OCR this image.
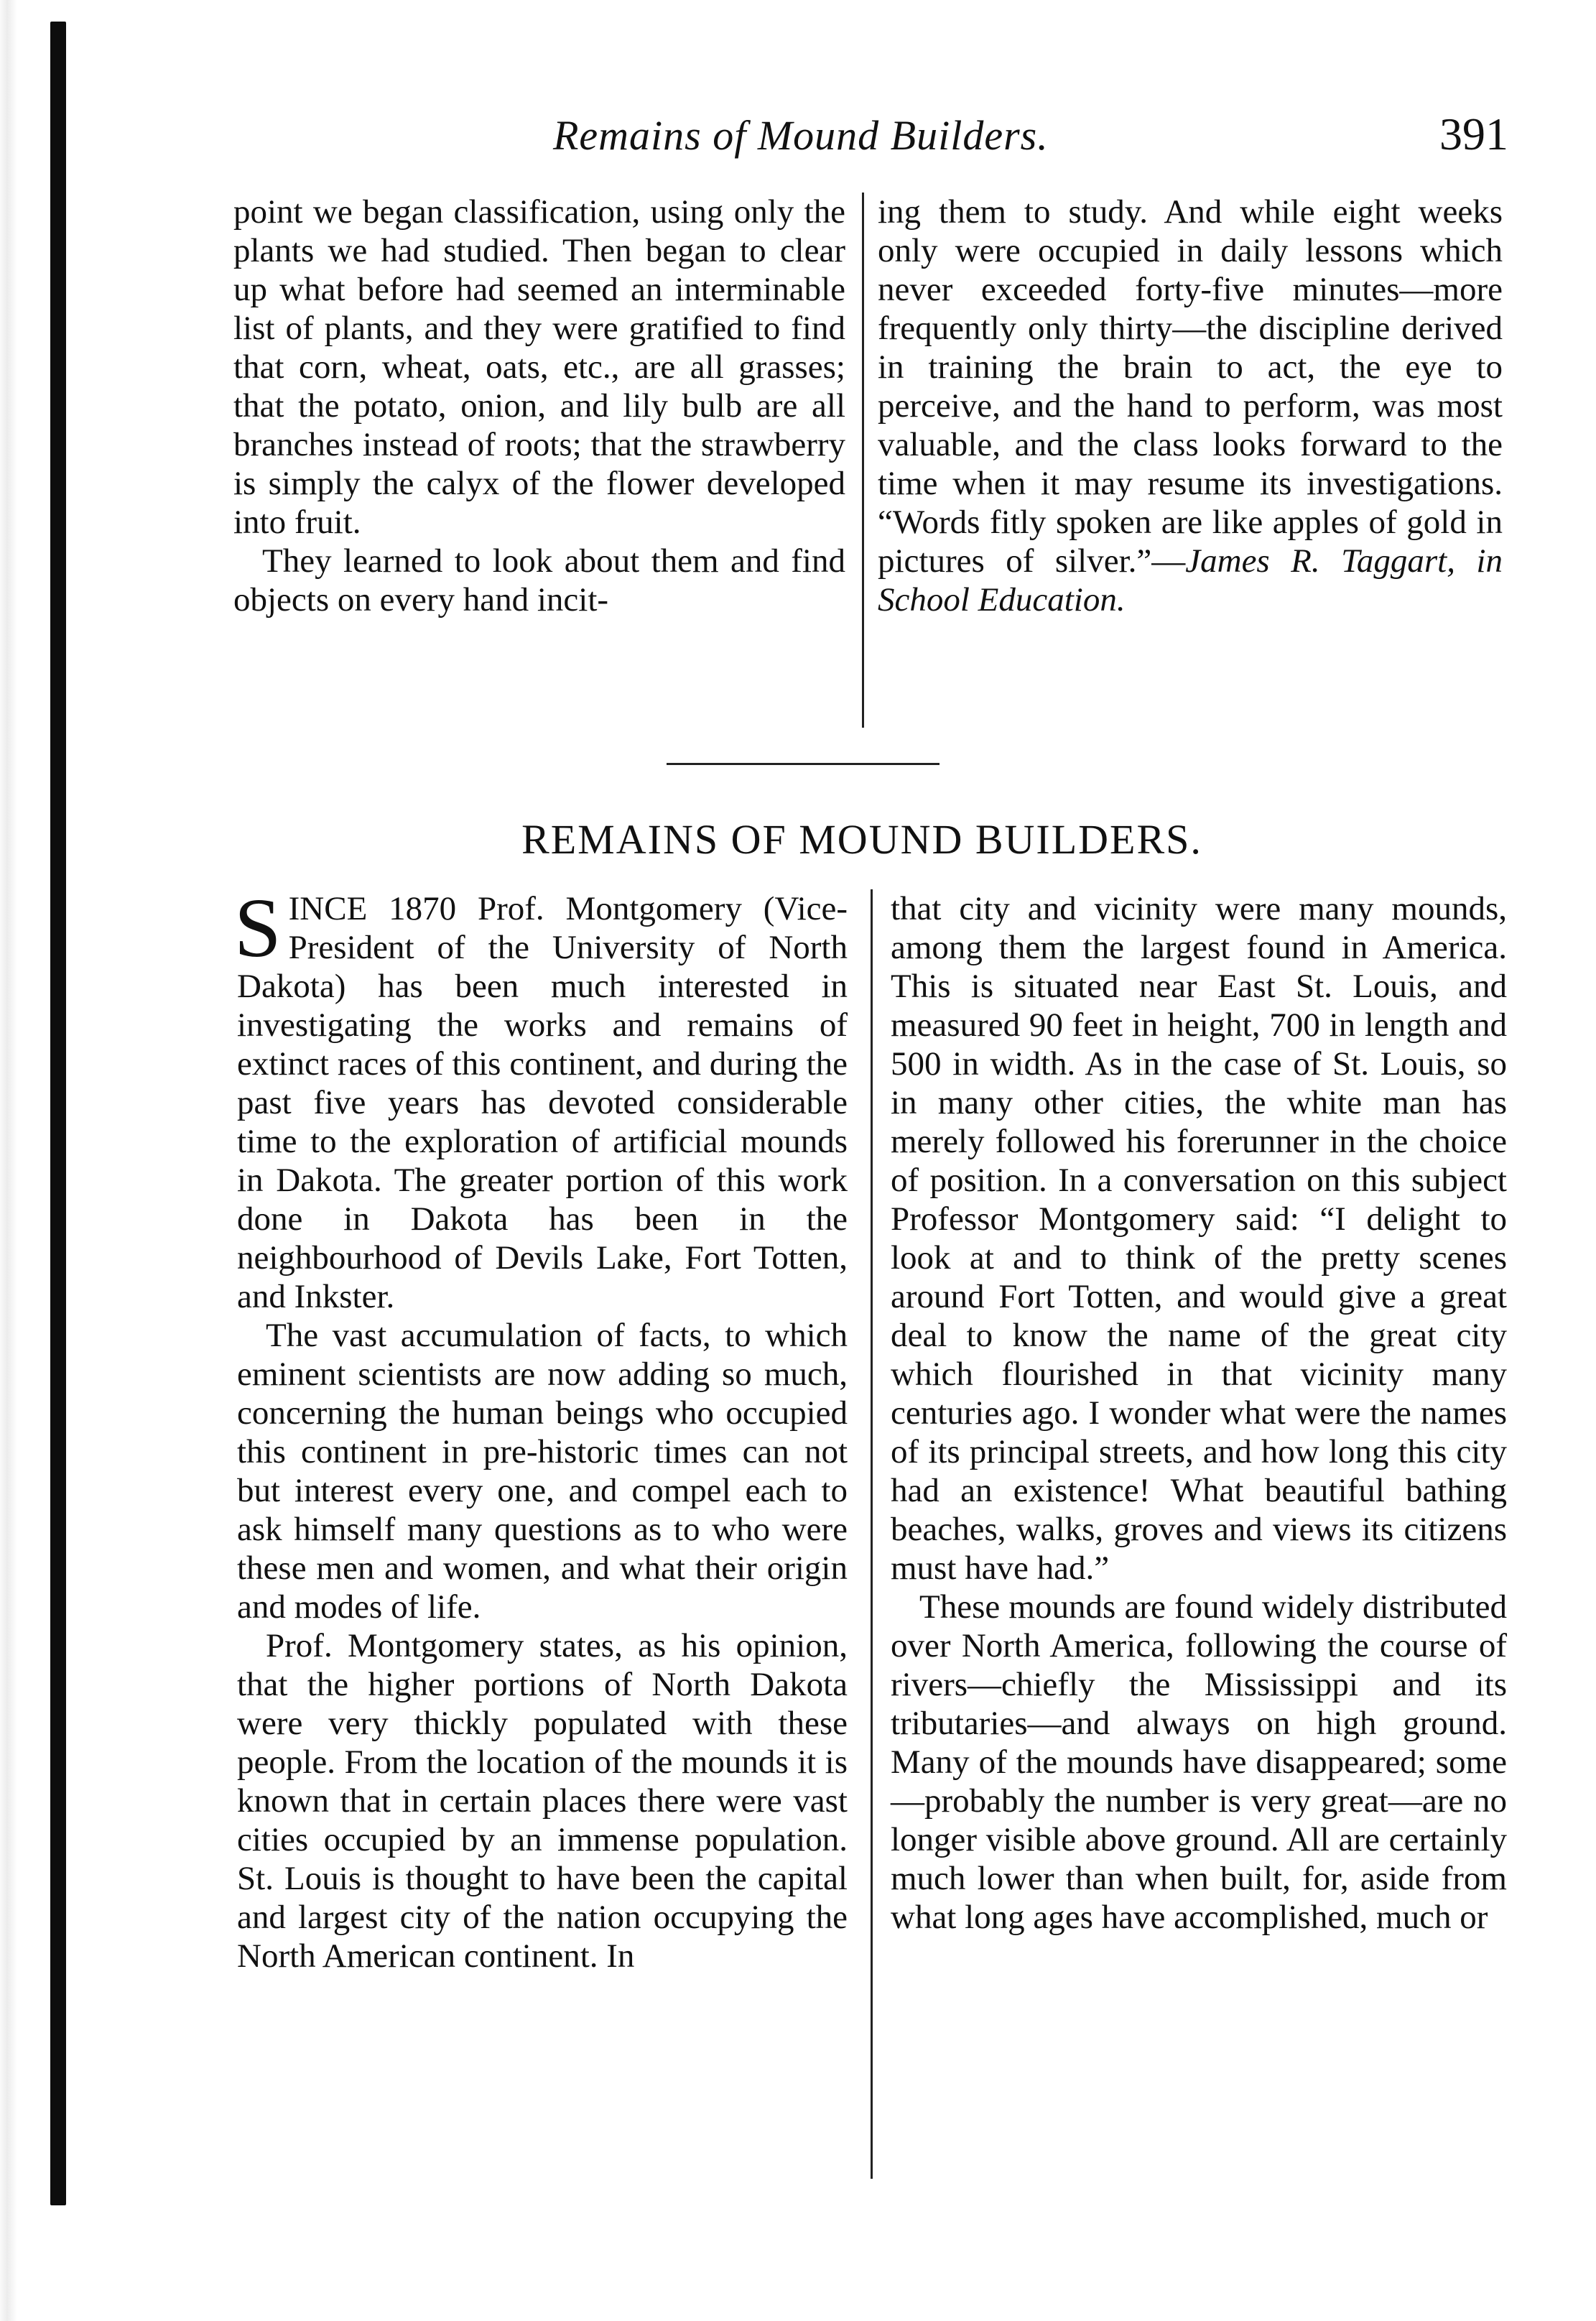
Remains of Mound Builders.	391

point we began classification, using only the plants we had studied. Then began to clear up what before had seemed an interminable list of plants, and they were gratified to find that corn, wheat, oats, etc., are all grasses; that the potato, onion, and lily bulb are all branches instead of roots; that the strawberry is simply the calyx of the flower developed into fruit.

They learned to look about them and find objects on every hand incit-

ing them to study. And while eight weeks only were occupied in daily lessons which never exceeded forty-five minutes—more frequently only thirty—the discipline derived in training the brain to act, the eye to perceive, and the hand to perform, was most valuable, and the class looks forward to the time when it may resume its investigations. “Words fitly spoken are like apples of gold in pictures of silver.”—James R. Taggart, in School Education.

REMAINS OF MOUND BUILDERS.

SINCE 1870 Prof. Montgomery (Vice-President of the University of North Dakota) has been much interested in investigating the works and remains of extinct races of this continent, and during the past five years has devoted considerable time to the exploration of artificial mounds in Dakota. The greater portion of this work done in Dakota has been in the neighbourhood of Devils Lake, Fort Totten, and Inkster.

The vast accumulation of facts, to which eminent scientists are now adding so much, concerning the human beings who occupied this continent in pre-historic times can not but interest every one, and compel each to ask himself many questions as to who were these men and women, and what their origin and modes of life.

Prof. Montgomery states, as his opinion, that the higher portions of North Dakota were very thickly populated with these people. From the location of the mounds it is known that in certain places there were vast cities occupied by an immense population. St. Louis is thought to have been the capital and largest city of the nation occupying the North American continent. In

that city and vicinity were many mounds, among them the largest found in America. This is situated near East St. Louis, and measured 90 feet in height, 700 in length and 500 in width. As in the case of St. Louis, so in many other cities, the white man has merely followed his forerunner in the choice of position. In a conversation on this subject Professor Montgomery said: “I delight to look at and to think of the pretty scenes around Fort Totten, and would give a great deal to know the name of the great city which flourished in that vicinity many centuries ago. I wonder what were the names of its principal streets, and how long this city had an existence! What beautiful bathing beaches, walks, groves and views its citizens must have had.”

These mounds are found widely distributed over North America, following the course of rivers—chiefly the Mississippi and its tributaries—and always on high ground. Many of the mounds have disappeared; some—probably the number is very great—are no longer visible above ground. All are certainly much lower than when built, for, aside from what long ages have accomplished, much or
